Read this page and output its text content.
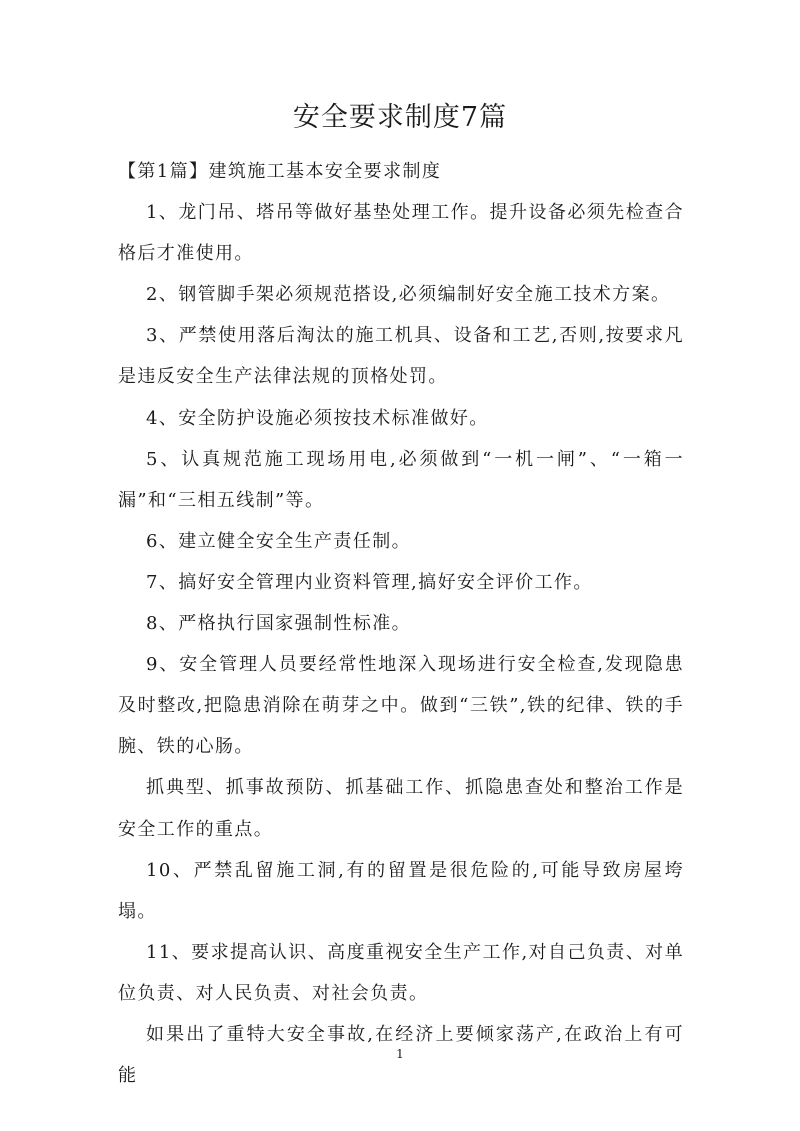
安全要求制度7篇

【第1篇】建筑施工基本安全要求制度

1、龙门吊、塔吊等做好基垫处理工作。提升设备必须先检查合格后才准使用。

2、钢管脚手架必须规范搭设,必须编制好安全施工技术方案。

3、严禁使用落后淘汰的施工机具、设备和工艺,否则,按要求凡是违反安全生产法律法规的顶格处罚。

4、安全防护设施必须按技术标准做好。

5、认真规范施工现场用电,必须做到“一机一闸”、“一箱一漏”和“三相五线制”等。

6、建立健全安全生产责任制。

7、搞好安全管理内业资料管理,搞好安全评价工作。

8、严格执行国家强制性标准。

9、安全管理人员要经常性地深入现场进行安全检查,发现隐患及时整改,把隐患消除在萌芽之中。做到“三铁”,铁的纪律、铁的手腕、铁的心肠。

抓典型、抓事故预防、抓基础工作、抓隐患查处和整治工作是安全工作的重点。

10、严禁乱留施工洞,有的留置是很危险的,可能导致房屋垮塌。

11、要求提高认识、高度重视安全生产工作,对自己负责、对单位负责、对人民负责、对社会负责。

如果出了重特大安全事故,在经济上要倾家荡产,在政治上有可能

1
